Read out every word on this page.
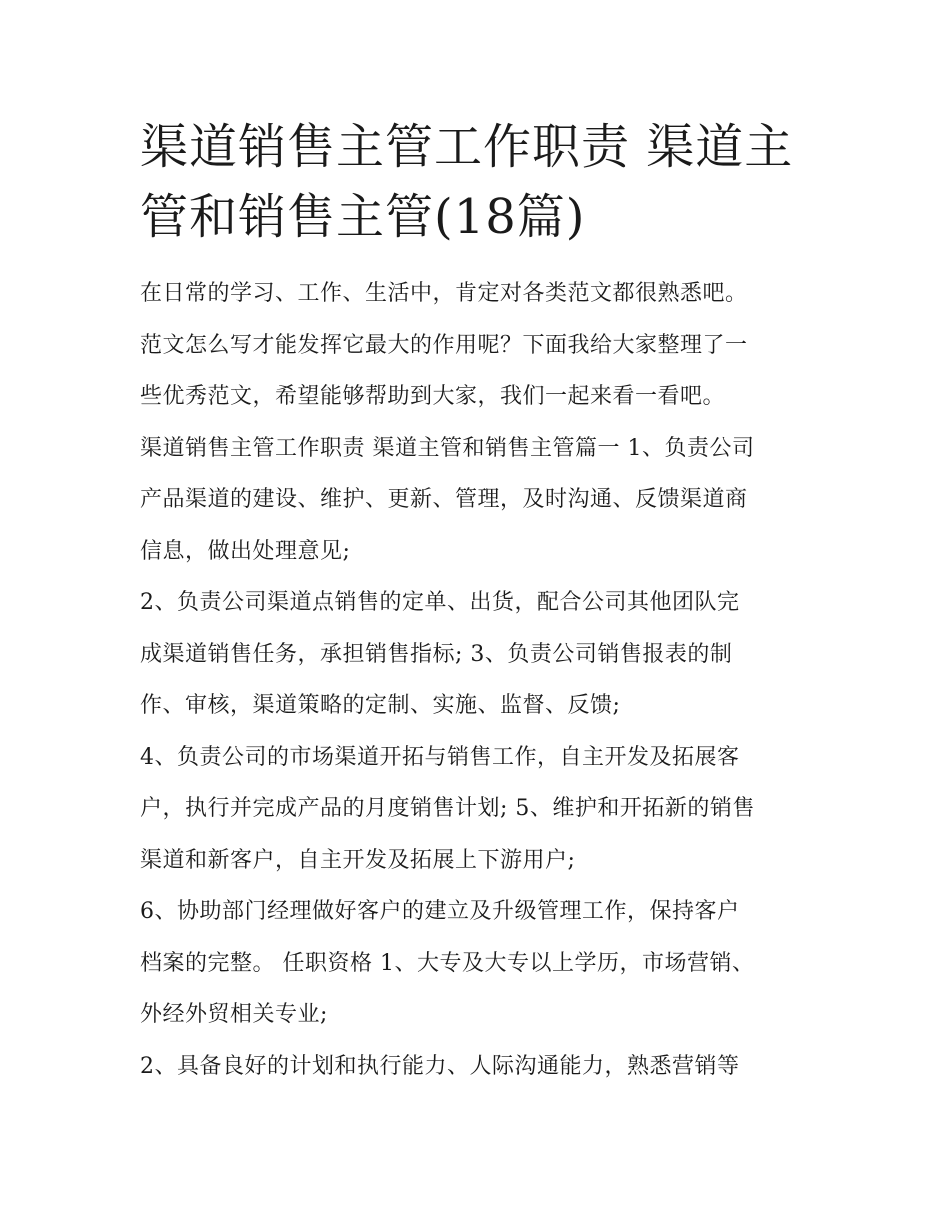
渠道销售主管工作职责 渠道主
管和销售主管(18篇)

在日常的学习、工作、生活中，肯定对各类范文都很熟悉吧。
范文怎么写才能发挥它最大的作用呢？下面我给大家整理了一
些优秀范文，希望能够帮助到大家，我们一起来看一看吧。
渠道销售主管工作职责 渠道主管和销售主管篇一 1、负责公司
产品渠道的建设、维护、更新、管理，及时沟通、反馈渠道商
信息，做出处理意见;

2、负责公司渠道点销售的定单、出货，配合公司其他团队完
成渠道销售任务，承担销售指标; 3、负责公司销售报表的制
作、审核，渠道策略的定制、实施、监督、反馈;

4、负责公司的市场渠道开拓与销售工作，自主开发及拓展客
户，执行并完成产品的月度销售计划; 5、维护和开拓新的销售
渠道和新客户，自主开发及拓展上下游用户;

6、协助部门经理做好客户的建立及升级管理工作，保持客户
档案的完整。 任职资格 1、大专及大专以上学历，市场营销、
外经外贸相关专业;

2、具备良好的计划和执行能力、人际沟通能力，熟悉营销等
